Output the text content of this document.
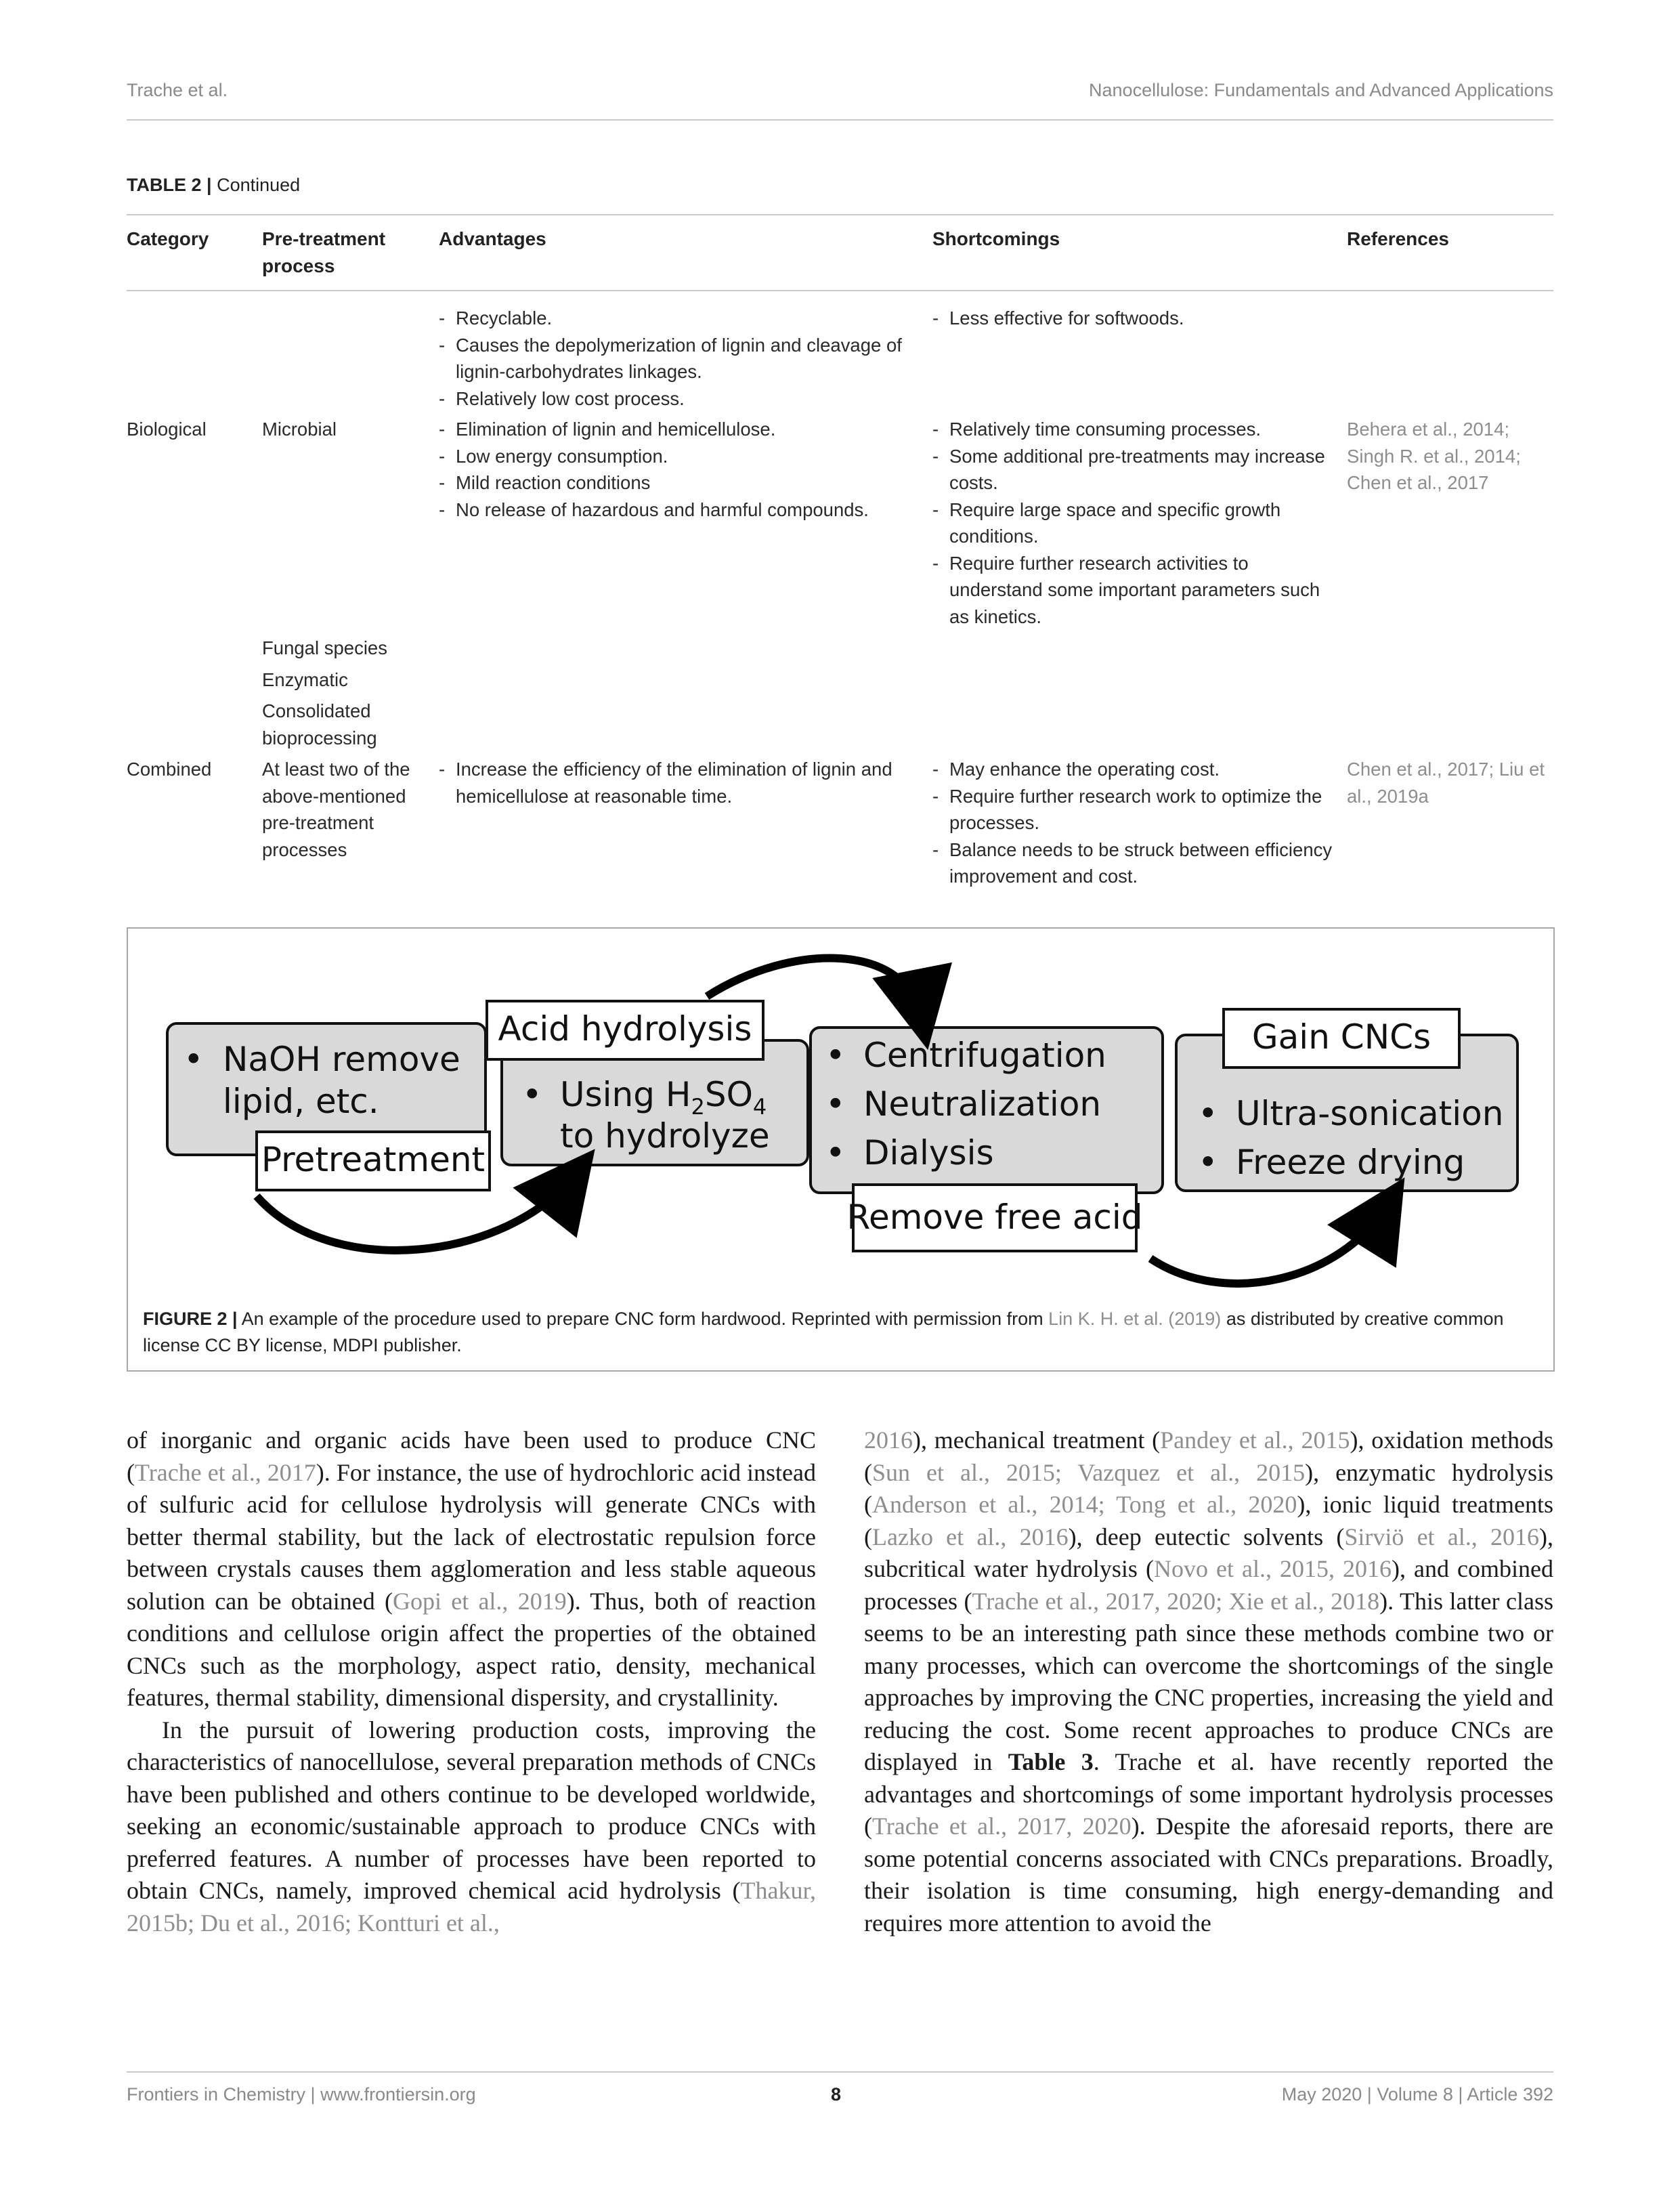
Trache et al.	Nanocellulose: Fundamentals and Advanced Applications
TABLE 2 | Continued
Category	Pre-treatment
process
Advantages	Shortcomings	References
- Recyclable.
- Causes the depolymerization of lignin and cleavage of lignin-carbohydrates linkages.
- Relatively low cost process.
- Less effective for softwoods.
Biological	Microbial
-	Elimination of lignin and hemicellulose.
- Low energy consumption.
- Mild reaction conditions
- No release of hazardous and harmful compounds.
- Relatively time consuming processes.
- Some additional pre-treatments may increase costs.
- Require large space and specific growth conditions.
- Require further research activities to understand some important parameters such as kinetics.
Behera et al., 2014; Singh R. et al., 2014; Chen et al., 2017
Fungal species
Enzymatic
Consolidated bioprocessing
Combined	At least two of the above-mentioned pre-treatment processes
- Increase the efficiency of the elimination of lignin and hemicellulose at reasonable time.
- May enhance the operating cost.
- Require further research work to optimize the processes.
- Balance needs to be struck between efficiency improvement and cost.
Chen et al., 2017; Liu et al., 2019a
• NaOH remove
lipid, etc.
Pretreatment
Acid hydrolysis
• Using $H_2SO_4$
to hydrolyze
• Centrifugation
• Neutralization
• Dialysis
Remove free acid
Gain CNCs
• Ultra-sonication
• Freeze drying
FIGURE 2 | An example of the procedure used to prepare CNC form hardwood. Reprinted with permission from Lin K. H. et al. (2019) as distributed by creative common license CC BY license, MDPI publisher.

of inorganic and organic acids have been used to produce CNC (Trache et al., 2017). For instance, the use of hydrochloric acid instead of sulfuric acid for cellulose hydrolysis will generate CNCs with better thermal stability, but the lack of electrostatic repulsion force between crystals causes them agglomeration and less stable aqueous solution can be obtained (Gopi et al., 2019). Thus, both of reaction conditions and cellulose origin affect the properties of the obtained CNCs such as the morphology, aspect ratio, density, mechanical features, thermal stability, dimensional dispersity, and crystallinity.

In the pursuit of lowering production costs, improving the characteristics of nanocellulose, several preparation methods of CNCs have been published and others continue to be developed worldwide, seeking an economic/sustainable approach to produce CNCs with preferred features. A number of processes have been reported to obtain CNCs, namely, improved chemical acid hydrolysis (Thakur, 2015b; Du et al., 2016; Kontturi et al.,

2016), mechanical treatment (Pandey et al., 2015), oxidation methods (Sun et al., 2015; Vazquez et al., 2015), enzymatic hydrolysis (Anderson et al., 2014; Tong et al., 2020), ionic liquid treatments (Lazko et al., 2016), deep eutectic solvents (Sirviö et al., 2016), subcritical water hydrolysis (Novo et al., 2015, 2016), and combined processes (Trache et al., 2017, 2020; Xie et al., 2018). This latter class seems to be an interesting path since these methods combine two or many processes, which can overcome the shortcomings of the single approaches by improving the CNC properties, increasing the yield and reducing the cost. Some recent approaches to produce CNCs are displayed in Table 3. Trache et al. have recently reported the advantages and shortcomings of some important hydrolysis processes (Trache et al., 2017, 2020). Despite the aforesaid reports, there are some potential concerns associated with CNCs preparations. Broadly, their isolation is time consuming, high energy-demanding and requires more attention to avoid the

Frontiers in Chemistry | www.frontiersin.org	8	May 2020 | Volume 8 | Article 392
